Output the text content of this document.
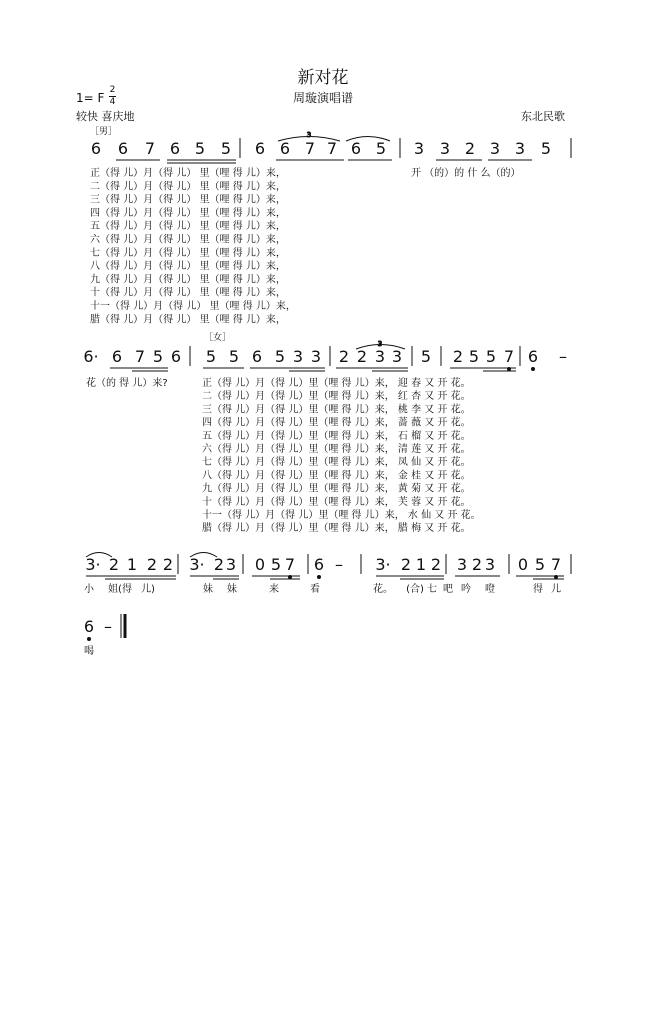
新对花
周璇演唱谱
1= F
2
4
较快 喜庆地	东北民歌
［男］
［女］
6 6 7 6 5 5 6 6 7 7 6 5 3 3 2 3 3 5
6· 6 7 5 6 5 5 6 5 3 3 2 2 3 3 5 2 5 5 7 6 –
3· 2 1 2 2 3· 2 3 0 5 7 6 – 3· 2 1 2 3 2 3 0 5 7
6 –
3
3
正（得 儿）月（得 儿） 里（哩 得 儿）来，
二（得 儿）月（得 儿） 里（哩 得 儿）来，
三（得 儿）月（得 儿） 里（哩 得 儿）来，
四（得 儿）月（得 儿） 里（哩 得 儿）来，
五（得 儿）月（得 儿） 里（哩 得 儿）来，
六（得 儿）月（得 儿） 里（哩 得 儿）来，
七（得 儿）月（得 儿） 里（哩 得 儿）来，
八（得 儿）月（得 儿） 里（哩 得 儿）来，
九（得 儿）月（得 儿） 里（哩 得 儿）来，
十（得 儿）月（得 儿） 里（哩 得 儿）来，
十一（得 儿）月（得 儿） 里（哩 得 儿）来，
腊（得 儿）月（得 儿） 里（哩 得 儿）来，
开 （的）的 什 么（的）
花（的 得 儿）来?	正（得 儿）月（得 儿）里（哩 得 儿）来， 迎 春 又 开 花。
二（得 儿）月（得 儿）里（哩 得 儿）来， 红 杏 又 开 花。
三（得 儿）月（得 儿）里（哩 得 儿）来， 桃 李 又 开 花。
四（得 儿）月（得 儿）里（哩 得 儿）来， 蔷 薇 又 开 花。
五（得 儿）月（得 儿）里（哩 得 儿）来， 石 榴 又 开 花。
六（得 儿）月（得 儿）里（哩 得 儿）来， 清 莲 又 开 花。
七（得 儿）月（得 儿）里（哩 得 儿）来， 凤 仙 又 开 花。
八（得 儿）月（得 儿）里（哩 得 儿）来， 金 桂 又 开 花。
九（得 儿）月（得 儿）里（哩 得 儿）来， 黄 菊 又 开 花。
十（得 儿）月（得 儿）里（哩 得 儿）来， 芙 蓉 又 开 花。
十一（得 儿）月（得 儿）里（哩 得 儿）来， 水 仙 又 开 花。
腊（得 儿）月（得 儿）里（哩 得 儿）来， 腊 梅 又 开 花。
小 姐(得 儿)	妹 妹	来	看	花。 (合) 七 吧 吟 噔	得 儿
喝
